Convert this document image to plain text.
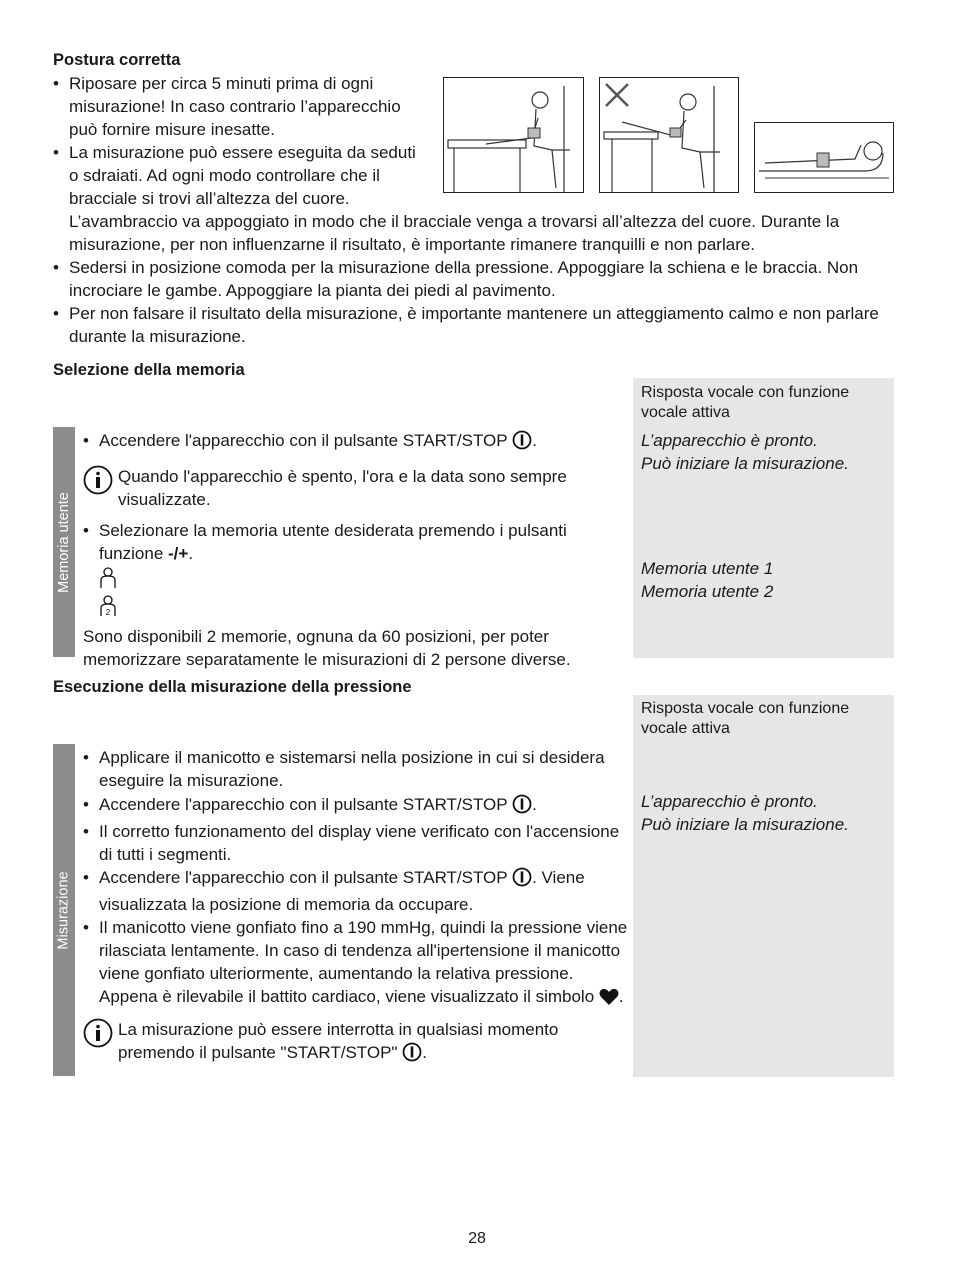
Postura corretta
• Riposare per circa 5 minuti prima di ogni misurazione! In caso contrario l’apparecchio può fornire misure inesatte.
• La misurazione può essere eseguita da seduti o sdraiati. Ad ogni modo controllare che il bracciale si trovi all’altezza del cuore.
L’avambraccio va appoggiato in modo che il bracciale venga a trovarsi all’altezza del cuore. Durante la misurazione, per non influenzarne il risultato, è importante rimanere tranquilli e non parlare.
• Sedersi in posizione comoda per la misurazione della pressione. Appoggiare la schiena e le braccia. Non incrociare le gambe. Appoggiare la pianta dei piedi al pavimento.
• Per non falsare il risultato della misurazione, è importante mantenere un atteggiamento calmo e non parlare durante la misurazione.
Selezione della memoria
Risposta vocale con funzione vocale attiva
Memoria utente
• Accendere l'apparecchio con il pulsante START/STOP .
Quando l'apparecchio è spento, l'ora e la data sono sempre visualizzate.
• Selezionare la memoria utente desiderata premendo i pulsanti funzione -/+.
2
Sono disponibili 2 memorie, ognuna da 60 posizioni, per poter memorizzare separatamente le misurazioni di 2 persone diverse.
L’apparecchio è pronto.
Può iniziare la misurazione.
Memoria utente 1
Memoria utente 2
Esecuzione della misurazione della pressione
Risposta vocale con funzione vocale attiva
Misurazione
• Applicare il manicotto e sistemarsi nella posizione in cui si desidera eseguire la misurazione.
• Accendere l'apparecchio con il pulsante START/STOP .
• Il corretto funzionamento del display viene verificato con l'accensione di tutti i segmenti.
• Accendere l'apparecchio con il pulsante START/STOP . Viene visualizzata la posizione di memoria da occupare.
• Il manicotto viene gonfiato fino a 190 mmHg, quindi la pressione viene rilasciata lentamente. In caso di tendenza all'ipertensione il manicotto viene gonfiato ulteriormente, aumentando la relativa pressione. Appena è rilevabile il battito cardiaco, viene visualizzato il simbolo .
La misurazione può essere interrotta in qualsiasi momento premendo il pulsante "START/STOP" .
L’apparecchio è pronto.
Può iniziare la misurazione.
28
